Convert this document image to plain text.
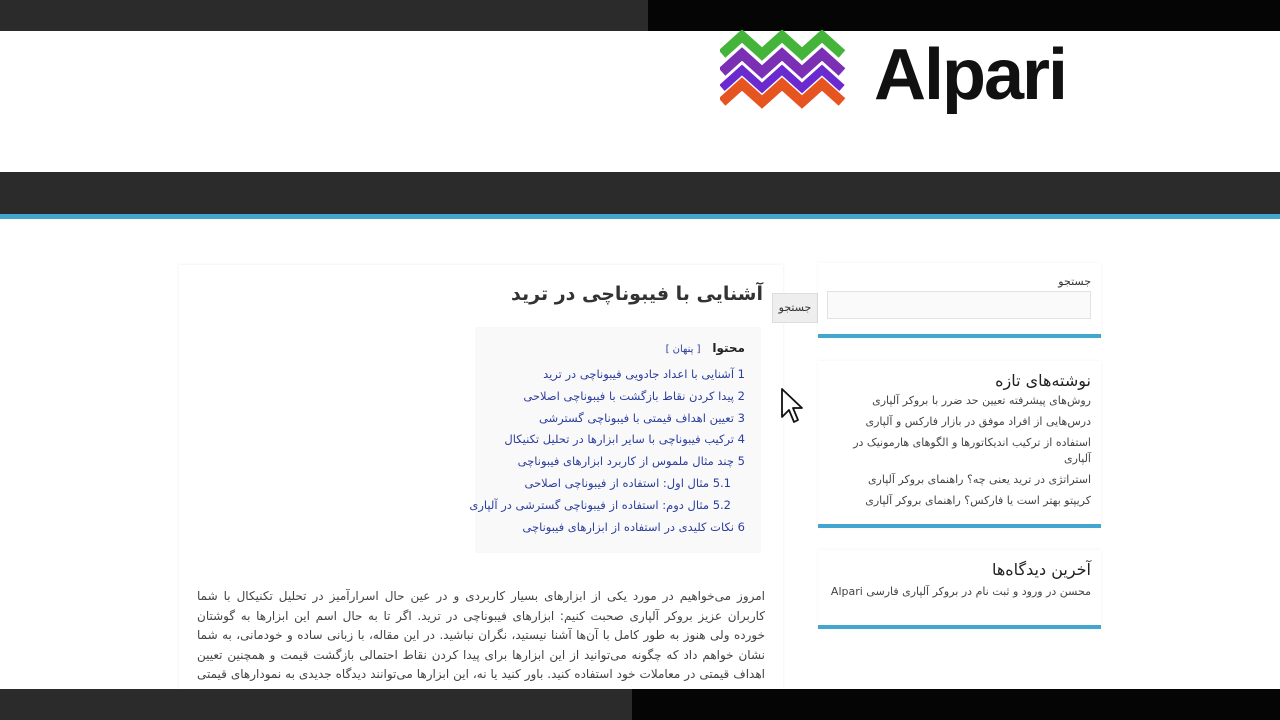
Alpari
آشنایی با فیبوناچی در ترید
محتوا [ پنهان ]
1 آشنایی با اعداد جادویی فیبوناچی در ترید
2 پیدا کردن نقاط بازگشت با فیبوناچی اصلاحی
3 تعیین اهداف قیمتی با فیبوناچی گسترشی
4 ترکیب فیبوناچی با سایر ابزارها در تحلیل تکنیکال
5 چند مثال ملموس از کاربرد ابزارهای فیبوناچی
5.1 مثال اول: استفاده از فیبوناچی اصلاحی
5.2 مثال دوم: استفاده از فیبوناچی گسترشی در آلپاری
6 نکات کلیدی در استفاده از ابزارهای فیبوناچی

امروز می‌خواهیم در مورد یکی از ابزارهای بسیار کاربردی و در عین حال اسرارآمیز در تحلیل تکنیکال با شما کاربران عزیز بروکر آلپاری صحبت کنیم: ابزارهای فیبوناچی در ترید. اگر تا به حال اسم این ابزارها به گوشتان خورده ولی هنوز به طور کامل با آن‌ها آشنا نیستید، نگران نباشید. در این مقاله، با زبانی ساده و خودمانی، به شما نشان خواهم داد که چگونه می‌توانید از این ابزارها برای پیدا کردن نقاط احتمالی بازگشت قیمت و همچنین تعیین اهداف قیمتی در معاملات خود استفاده کنید. باور کنید یا نه، این ابزارها می‌توانند دیدگاه جدیدی به نمودارهای قیمتی

جستجو
جستجو
نوشته‌های تازه
روش‌های پیشرفته تعیین حد ضرر با بروکر آلپاری
درس‌هایی از افراد موفق در بازار فارکس و آلپاری
استفاده از ترکیب اندیکاتورها و الگوهای هارمونیک در آلپاری
استراتژی در ترید یعنی چه؟ راهنمای بروکر آلپاری
کریپتو بهتر است یا فارکس؟ راهنمای بروکر آلپاری
آخرین دیدگاه‌ها
محسن در ورود و ثبت نام در بروکر آلپاری فارسی Alpari
